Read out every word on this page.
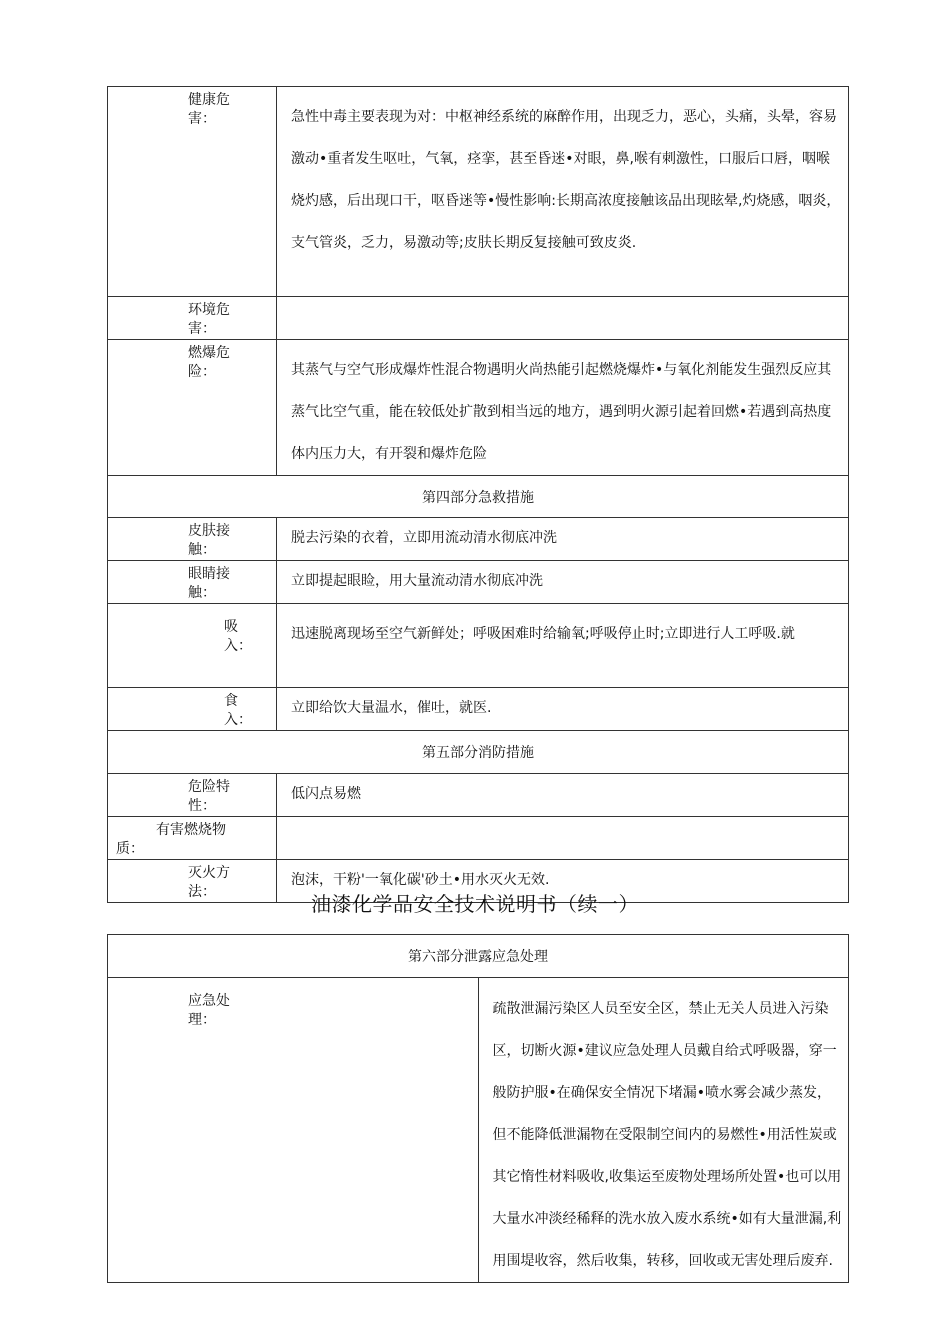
健康危
害：	急性中毒主要表现为对：中枢神经系统的麻醉作用，出现乏力，恶心，头痛，头晕，容易激动•重者发生呕吐，气氧，痉挛，甚至昏迷•对眼，鼻,喉有刺激性，口服后口唇，咽喉烧灼感，后出现口干，呕昏迷等•慢性影响:长期高浓度接触该品出现眩晕,灼烧感，咽炎，支气管炎，乏力，易激动等;皮肤长期反复接触可致皮炎.
环境危
害：	

燃爆危
险：	其蒸气与空气形成爆炸性混合物遇明火尚热能引起燃烧爆炸•与氧化剂能发生强烈反应其蒸气比空气重，能在较低处扩散到相当远的地方，遇到明火源引起着回燃•若遇到高热度体内压力大，有开裂和爆炸危险
第四部分急救措施	
皮肤接
触：	脱去污染的衣着，立即用流动清水彻底冲洗
眼睛接
触：	立即提起眼睑，用大量流动清水彻底冲洗
吸
入：	迅速脱离现场至空气新鲜处；呼吸困难时给输氧;呼吸停止时;立即进行人工呼吸.就
食
入：	立即给饮大量温水，催吐，就医.
第五部分消防措施	
危险特
性：	低闪点易燃
有害燃烧物
质：	

灭火方
法：	泡沫，干粉'一氧化碳'砂土•用水灭火无效.
油漆化学品安全技术说明书（续一）
第六部分泄露应急处理
应急处
理：
	疏散泄漏污染区人员至安全区，禁止无关人员进入污染区，切断火源•建议应急处理人员戴自给式呼吸器，穿一般防护服•在确保安全情况下堵漏•喷水雾会减少蒸发，但不能降低泄漏物在受限制空间内的易燃性•用活性炭或其它惰性材料吸收,收集运至废物处理场所处置•也可以用大量水冲淡经稀释的洗水放入废水系统•如有大量泄漏,利用围堤收容，然后收集，转移，回收或无害处理后废弃.
